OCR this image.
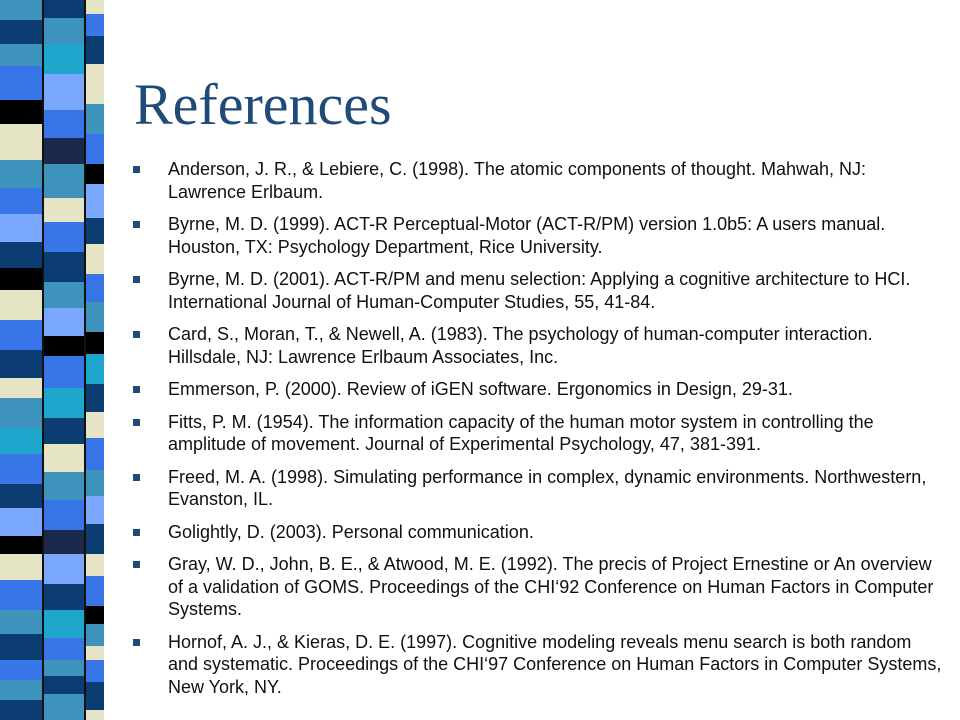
References
Anderson, J. R., & Lebiere, C. (1998). The atomic components of thought. Mahwah, NJ: Lawrence Erlbaum.
Byrne, M. D. (1999). ACT-R Perceptual-Motor (ACT-R/PM) version 1.0b5: A users manual. Houston, TX: Psychology Department, Rice University.
Byrne, M. D. (2001). ACT-R/PM and menu selection: Applying a cognitive architecture to HCI. International Journal of Human-Computer Studies, 55, 41-84.
Card, S., Moran, T., & Newell, A. (1983). The psychology of human-computer interaction. Hillsdale, NJ: Lawrence Erlbaum Associates, Inc.
Emmerson, P. (2000). Review of iGEN software. Ergonomics in Design, 29-31.
Fitts, P. M. (1954). The information capacity of the human motor system in controlling the amplitude of movement. Journal of Experimental Psychology, 47, 381-391.
Freed, M. A. (1998). Simulating performance in complex, dynamic environments. Northwestern, Evanston, IL.
Golightly, D. (2003). Personal communication.
Gray, W. D., John, B. E., & Atwood, M. E. (1992). The precis of Project Ernestine or An overview of a validation of GOMS. Proceedings of the CHI‘92 Conference on Human Factors in Computer Systems.
Hornof, A. J., & Kieras, D. E. (1997). Cognitive modeling reveals menu search is both random and systematic. Proceedings of the CHI‘97 Conference on Human Factors in Computer Systems, New York, NY.
